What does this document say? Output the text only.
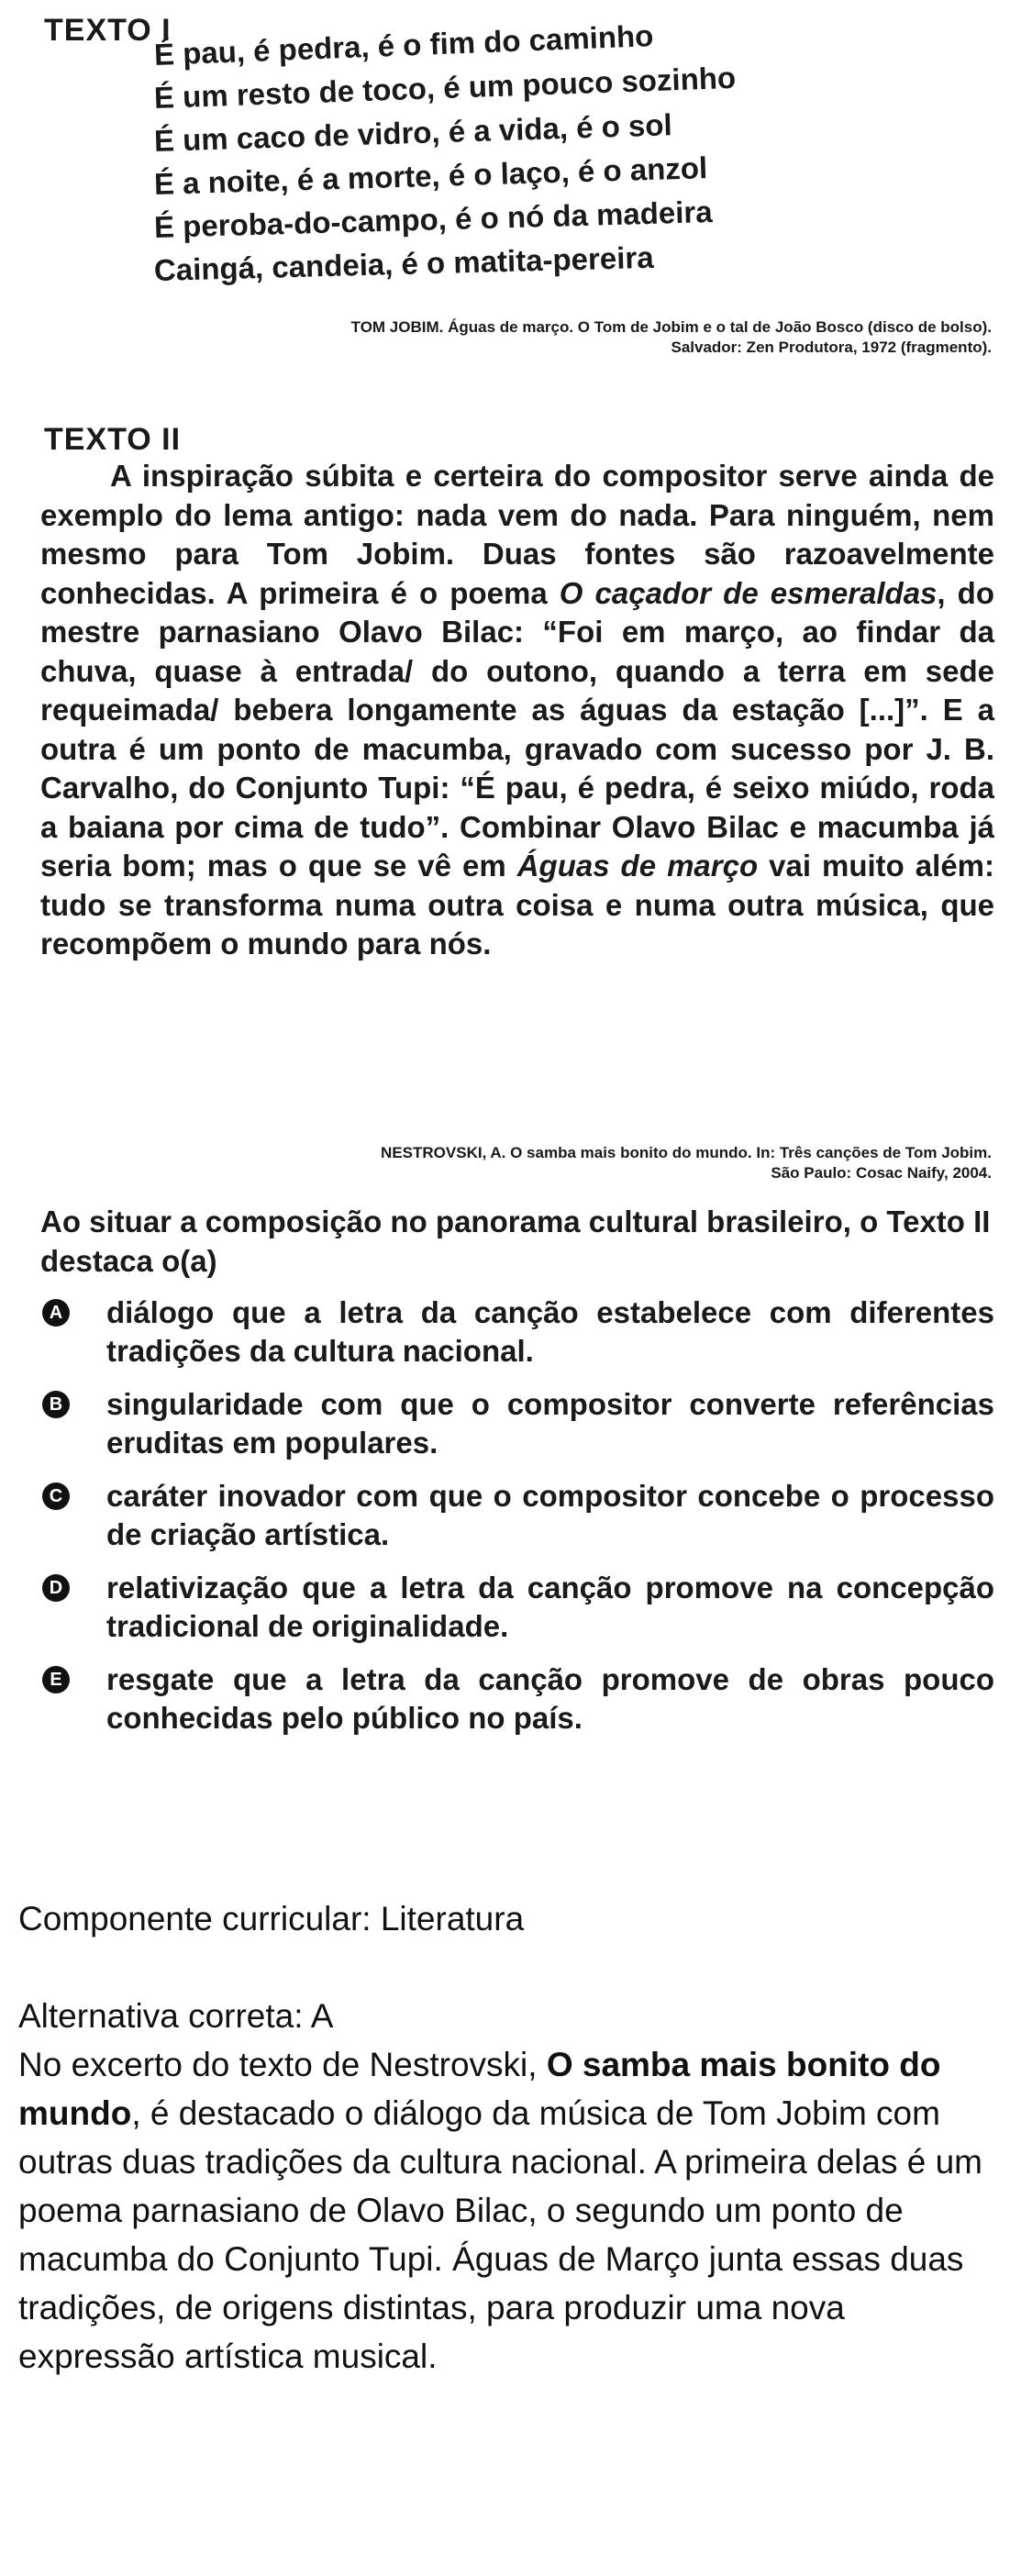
TEXTO I
É pau, é pedra, é o fim do caminho
É um resto de toco, é um pouco sozinho
É um caco de vidro, é a vida, é o sol
É a noite, é a morte, é o laço, é o anzol
É peroba-do-campo, é o nó da madeira
Caingá, candeia, é o matita-pereira
TOM JOBIM. Águas de março. O Tom de Jobim e o tal de João Bosco (disco de bolso).
Salvador: Zen Produtora, 1972 (fragmento).
TEXTO II

A inspiração súbita e certeira do compositor serve ainda de exemplo do lema antigo: nada vem do nada. Para ninguém, nem mesmo para Tom Jobim. Duas fontes são razoavelmente conhecidas. A primeira é o poema O caçador de esmeraldas, do mestre parnasiano Olavo Bilac: “Foi em março, ao findar da chuva, quase à entrada/ do outono, quando a terra em sede requeimada/ bebera longamente as águas da estação [...]”. E a outra é um ponto de macumba, gravado com sucesso por J. B. Carvalho, do Conjunto Tupi: “É pau, é pedra, é seixo miúdo, roda a baiana por cima de tudo”. Combinar Olavo Bilac e macumba já seria bom; mas o que se vê em Águas de março vai muito além: tudo se transforma numa outra coisa e numa outra música, que recompõem o mundo para nós.

NESTROVSKI, A. O samba mais bonito do mundo. In: Três canções de Tom Jobim.
São Paulo: Cosac Naify, 2004.
Ao situar a composição no panorama cultural brasileiro, o Texto II destaca o(a)
A diálogo que a letra da canção estabelece com diferentes tradições da cultura nacional.
B singularidade com que o compositor converte referências eruditas em populares.
C caráter inovador com que o compositor concebe o processo de criação artística.
D relativização que a letra da canção promove na concepção tradicional de originalidade.
E resgate que a letra da canção promove de obras pouco conhecidas pelo público no país.
Componente curricular: Literatura
Alternativa correta: A
No excerto do texto de Nestrovski, O samba mais bonito do mundo, é destacado o diálogo da música de Tom Jobim com outras duas tradições da cultura nacional. A primeira delas é um poema parnasiano de Olavo Bilac, o segundo um ponto de macumba do Conjunto Tupi. Águas de Março junta essas duas tradições, de origens distintas, para produzir uma nova expressão artística musical.
